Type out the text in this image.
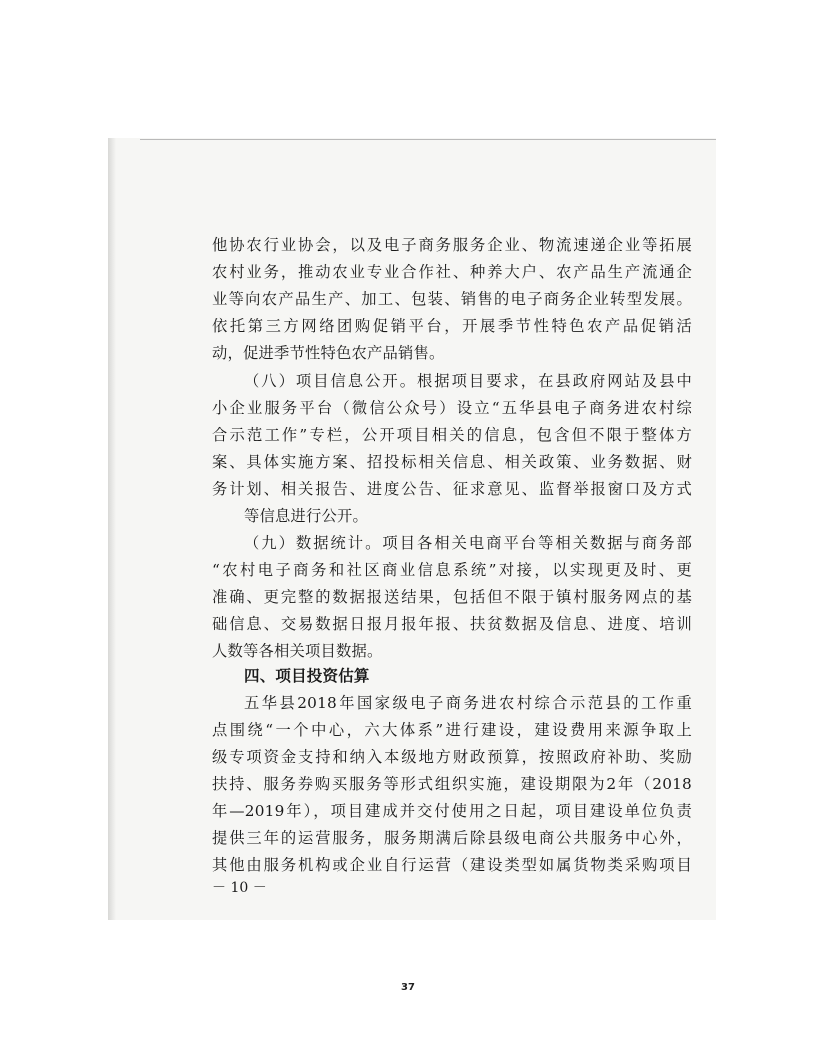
他协农行业协会，以及电子商务服务企业、物流速递企业等拓展
农村业务，推动农业专业合作社、种养大户、农产品生产流通企
业等向农产品生产、加工、包装、销售的电子商务企业转型发展。
依托第三方网络团购促销平台，开展季节性特色农产品促销活
动，促进季节性特色农产品销售。
（八）项目信息公开。根据项目要求，在县政府网站及县中
小企业服务平台（微信公众号）设立“五华县电子商务进农村综
合示范工作”专栏，公开项目相关的信息，包含但不限于整体方
案、具体实施方案、招投标相关信息、相关政策、业务数据、财
务计划、相关报告、进度公告、征求意见、监督举报窗口及方式
等信息进行公开。
（九）数据统计。项目各相关电商平台等相关数据与商务部
“农村电子商务和社区商业信息系统”对接，以实现更及时、更
准确、更完整的数据报送结果，包括但不限于镇村服务网点的基
础信息、交易数据日报月报年报、扶贫数据及信息、进度、培训
人数等各相关项目数据。
四、项目投资估算
五华县2018年国家级电子商务进农村综合示范县的工作重
点围绕“一个中心，六大体系”进行建设，建设费用来源争取上
级专项资金支持和纳入本级地方财政预算，按照政府补助、奖励
扶持、服务券购买服务等形式组织实施，建设期限为2年（2018
年—2019年），项目建成并交付使用之日起，项目建设单位负责
提供三年的运营服务，服务期满后除县级电商公共服务中心外，
其他由服务机构或企业自行运营（建设类型如属货物类采购项目
－ 10 －
37
